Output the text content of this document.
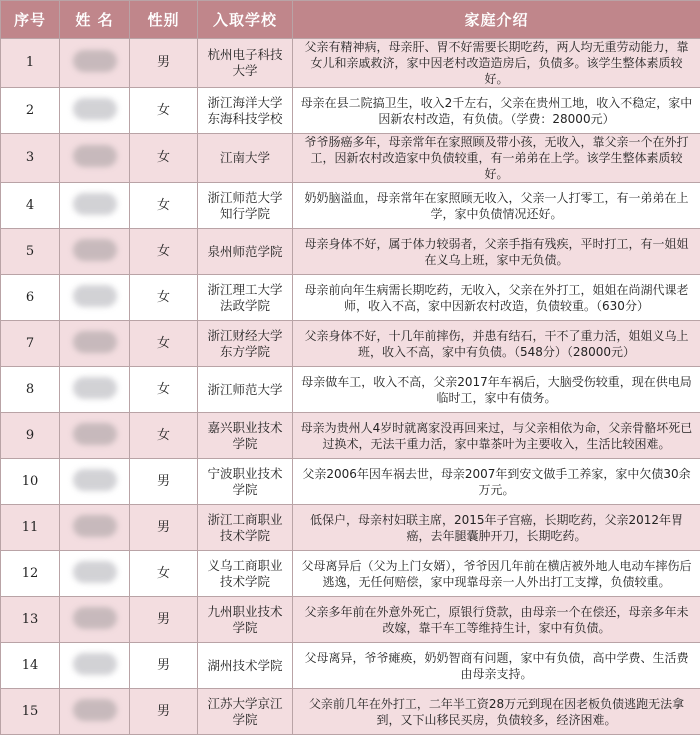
序号	姓 名	性别	入取学校	家庭介绍
1		男	杭州电子科技大学	父亲有精神病，母亲肝、胃不好需要长期吃药，两人均无重劳动能力，靠女儿和亲戚救济，家中因老村改造造房后，负债多。该学生整体素质较好。
2		女	浙江海洋大学东海科技学校	母亲在县二院搞卫生，收入2千左右，父亲在贵州工地，收入不稳定，家中因新农村改造，有负债。（学费：28000元）
3		女	江南大学	爷爷肠癌多年，母亲常年在家照顾及带小孩，无收入，靠父亲一个在外打工，因新农村改造家中负债较重，有一弟弟在上学。该学生整体素质较好。
4		女	浙江师范大学知行学院	奶奶脑溢血，母亲常年在家照顾无收入，父亲一人打零工，有一弟弟在上学，家中负债情况还好。
5		女	泉州师范学院	母亲身体不好，属于体力较弱者，父亲手指有残疾，平时打工，有一姐姐在义乌上班，家中无负债。
6		女	浙江理工大学法政学院	母亲前向年生病需长期吃药，无收入，父亲在外打工，姐姐在尚湖代课老师，收入不高，家中因新农村改造，负债较重。（630分）
7		女	浙江财经大学东方学院	父亲身体不好，十几年前摔伤，并患有结石，干不了重力活，姐姐义乌上班，收入不高，家中有负债。（548分）（28000元）
8		女	浙江师范大学	母亲做车工，收入不高，父亲2017年车祸后，大脑受伤较重，现在供电局临时工，家中有债务。
9		女	嘉兴职业技术学院	母亲为贵州人4岁时就离家没再回来过，与父亲相依为命，父亲骨骼坏死已过换术，无法干重力活，家中靠茶叶为主要收入，生活比较困难。
10		男	宁波职业技术学院	父亲2006年因车祸去世，母亲2007年到安文做手工养家，家中欠债30余万元。
11		男	浙江工商职业技术学院	低保户，母亲村妇联主席，2015年子宫癌，长期吃药，父亲2012年胃癌，去年腿囊肿开刀，长期吃药。
12		女	义乌工商职业技术学院	父母离异后（父为上门女婿），爷爷因几年前在横店被外地人电动车摔伤后逃逸，无任何赔偿，家中现靠母亲一人外出打工支撑，负债较重。
13		男	九州职业技术学院	父亲多年前在外意外死亡，原银行贷款，由母亲一个在偿还，母亲多年未改嫁，靠干车工等维持生计，家中有负债。
14		男	湖州技术学院	父母离异，爷爷瘫痪，奶奶智商有问题，家中有负债，高中学费、生活费由母亲支持。
15		男	江苏大学京江学院	父亲前几年在外打工，二年半工资28万元到现在因老板负债逃跑无法拿到，又下山移民买房，负债较多，经济困难。
